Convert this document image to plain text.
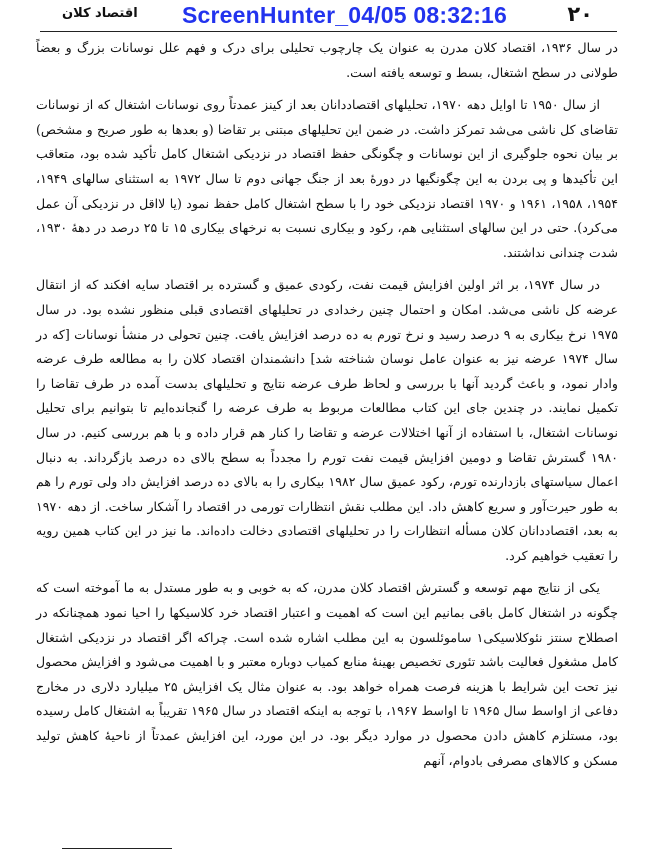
۲۰
اقتصاد کلان ScreenHunter_04/05 08:32:16

در سال ۱۹۳۶، اقتصاد کلان مدرن به عنوان یک چارچوب تحلیلی برای درک و فهم علل نوسانات بزرگ و بعضاً طولانی در سطح اشتغال، بسط و توسعه یافته است.

از سال ۱۹۵۰ تا اوایل دهه ۱۹۷۰، تحلیلهای اقتصاددانان بعد از کینز عمدتاً روی نوسانات اشتغال که از نوسانات تقاضای کل ناشی می‌شد تمرکز داشت. در ضمن این تحلیلهای مبتنی بر تقاضا (و بعدها به طور صریح و مشخص) بر بیان نحوه جلوگیری از این نوسانات و چگونگی حفظ اقتصاد در نزدیکی اشتغال کامل تأکید شده بود، متعاقب این تأکیدها و پی بردن به این چگونگیها در دورهٔ بعد از جنگ جهانی دوم تا سال ۱۹۷۲ به استثنای سالهای ۱۹۴۹، ۱۹۵۴، ۱۹۵۸، ۱۹۶۱ و ۱۹۷۰ اقتصاد نزدیکی خود را با سطح اشتغال کامل حفظ نمود (یا لااقل در نزدیکی آن عمل می‌کرد). حتی در این سالهای استثنایی هم، رکود و بیکاری نسبت به نرخهای بیکاری ۱۵ تا ۲۵ درصد در دههٔ ۱۹۳۰، شدت چندانی نداشتند.

در سال ۱۹۷۴، بر اثر اولین افزایش قیمت نفت، رکودی عمیق و گسترده بر اقتصاد سایه افکند که از انتقال عرضه کل ناشی می‌شد. امکان و احتمال چنین رخدادی در تحلیلهای اقتصادی قبلی منظور نشده بود. در سال ۱۹۷۵ نرخ بیکاری به ۹ درصد رسید و نرخ تورم به ده درصد افزایش یافت. چنین تحولی در منشأ نوسانات [که در سال ۱۹۷۴ عرضه نیز به عنوان عامل نوسان شناخته شد] دانشمندان اقتصاد کلان را به مطالعه طرف عرضه وادار نمود، و باعث گردید آنها با بررسی و لحاظ طرف عرضه نتایج و تحلیلهای بدست آمده در طرف تقاضا را تکمیل نمایند. در چندین جای این کتاب مطالعات مربوط به طرف عرضه را گنجانده‌ایم تا بتوانیم برای تحلیل نوسانات اشتغال، با استفاده از آنها اختلالات عرضه و تقاضا را کنار هم قرار داده و با هم بررسی کنیم. در سال ۱۹۸۰ گسترش تقاضا و دومین افزایش قیمت نفت تورم را مجدداً به سطح بالای ده درصد بازگرداند. به دنبال اعمال سیاستهای بازدارنده تورم، رکود عمیق سال ۱۹۸۲ بیکاری را به بالای ده درصد افزایش داد ولی تورم را هم به طور حیرت‌آور و سریع کاهش داد. این مطلب نقش انتظارات تورمی در اقتصاد را آشکار ساخت. از دهه ۱۹۷۰ به بعد، اقتصاددانان کلان مسأله انتظارات را در تحلیلهای اقتصادی دخالت داده‌اند. ما نیز در این کتاب همین رویه را تعقیب خواهیم کرد.

یکی از نتایج مهم توسعه و گسترش اقتصاد کلان مدرن، که به خوبی و به طور مستدل به ما آموخته است که چگونه در اشتغال کامل باقی بمانیم این است که اهمیت و اعتبار اقتصاد خرد کلاسیکها را احیا نمود همچنانکه در اصطلاح سنتز نئوکلاسیکی۱ ساموئلسون به این مطلب اشاره شده است. چراکه اگر اقتصاد در نزدیکی اشتغال کامل مشغول فعالیت باشد تئوری تخصیص بهینهٔ منابع کمیاب دوباره معتبر و با اهمیت می‌شود و افزایش محصول نیز تحت این شرایط با هزینه فرصت همراه خواهد بود. به عنوان مثال یک افزایش ۲۵ میلیارد دلاری در مخارج دفاعی از اواسط سال ۱۹۶۵ تا اواسط ۱۹۶۷، با توجه به اینکه اقتصاد در سال ۱۹۶۵ تقریباً به اشتغال کامل رسیده بود، مستلزم کاهش دادن محصول در موارد دیگر بود. در این مورد، این افزایش عمدتاً از ناحیهٔ کاهش تولید مسکن و کالاهای مصرفی بادوام، آنهم
